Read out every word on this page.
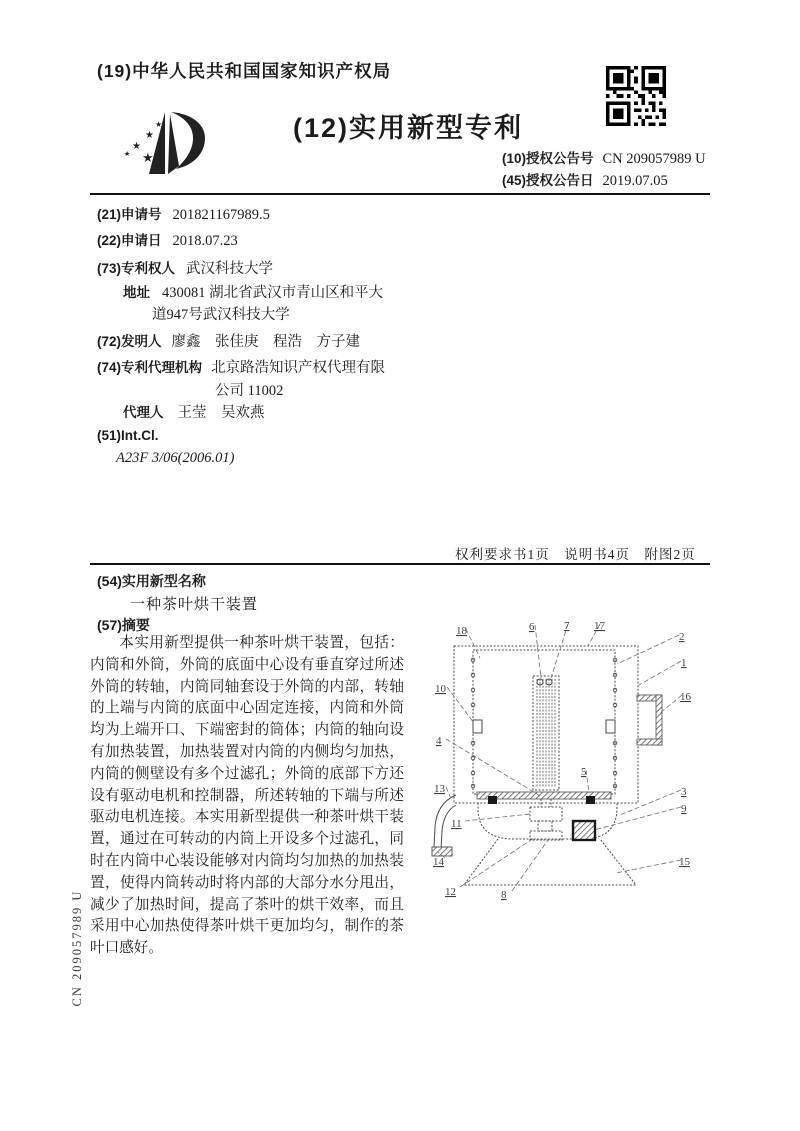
(19)中华人民共和国国家知识产权局
★
★
★
★
★
(12)实用新型专利
(10)授权公告号 CN 209057989 U
(45)授权公告日 2019.07.05
(21)申请号 201821167989.5
(22)申请日 2018.07.23
(73)专利权人 武汉科技大学
地址 430081 湖北省武汉市青山区和平大
道947号武汉科技大学
(72)发明人 廖鑫　张佳庚　程浩　方子建
(74)专利代理机构 北京路浩知识产权代理有限
公司 11002
代理人 王莹　吴欢燕
(51)Int.Cl.
A23F 3/06(2006.01)
权利要求书1页　说明书4页　附图2页
(54)实用新型名称
一种茶叶烘干装置
(57)摘要
本实用新型提供一种茶叶烘干装置，包括：内筒和外筒，外筒的底面中心设有垂直穿过所述外筒的转轴，内筒同轴套设于外筒的内部，转轴的上端与内筒的底面中心固定连接，内筒和外筒均为上端开口、下端密封的筒体；内筒的轴向设有加热装置，加热装置对内筒的内侧均匀加热，内筒的侧壁设有多个过滤孔；外筒的底部下方还设有驱动电机和控制器，所述转轴的下端与所述驱动电机连接。本实用新型提供一种茶叶烘干装置，通过在可转动的内筒上开设多个过滤孔，同时在内筒中心装设能够对内筒均匀加热的加热装置，使得内筒转动时将内部的大部分水分甩出，减少了加热时间，提高了茶叶的烘干效率，而且采用中心加热使得茶叶烘干更加均匀，制作的茶叶口感好。
18	6	7 17
2
1
16
10
4
13
11
14
5
3
9
15
12	8
CN 209057989 U
